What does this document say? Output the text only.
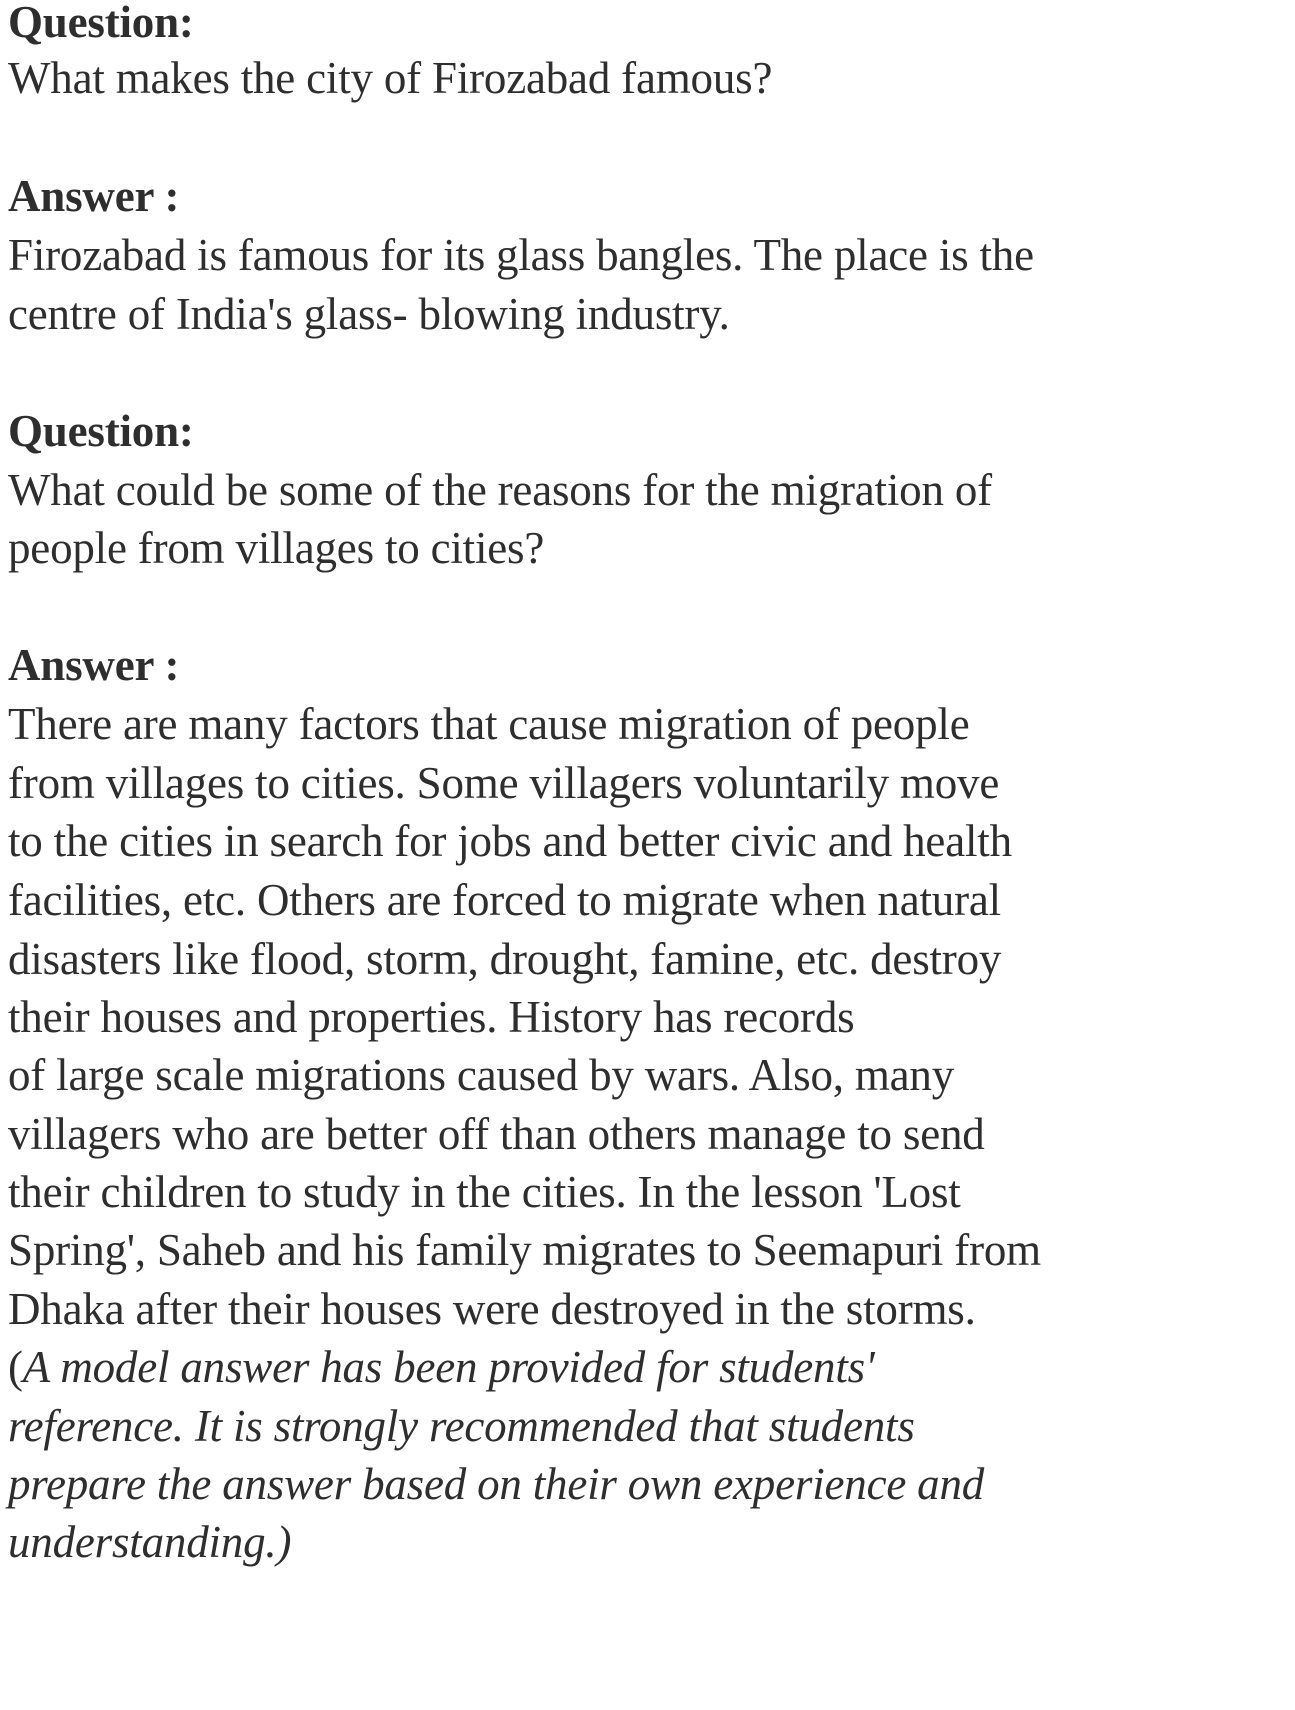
Question:
What makes the city of Firozabad famous?
Answer :
Firozabad is famous for its glass bangles. The place is the
centre of India's glass- blowing industry.
Question:
What could be some of the reasons for the migration of
people from villages to cities?
Answer :
There are many factors that cause migration of people
from villages to cities. Some villagers voluntarily move
to the cities in search for jobs and better civic and health
facilities, etc. Others are forced to migrate when natural
disasters like flood, storm, drought, famine, etc. destroy
their houses and properties. History has records
of large scale migrations caused by wars. Also, many
villagers who are better off than others manage to send
their children to study in the cities. In the lesson 'Lost
Spring', Saheb and his family migrates to Seemapuri from
Dhaka after their houses were destroyed in the storms.
(A model answer has been provided for students'
reference. It is strongly recommended that students
prepare the answer based on their own experience and
understanding.)
